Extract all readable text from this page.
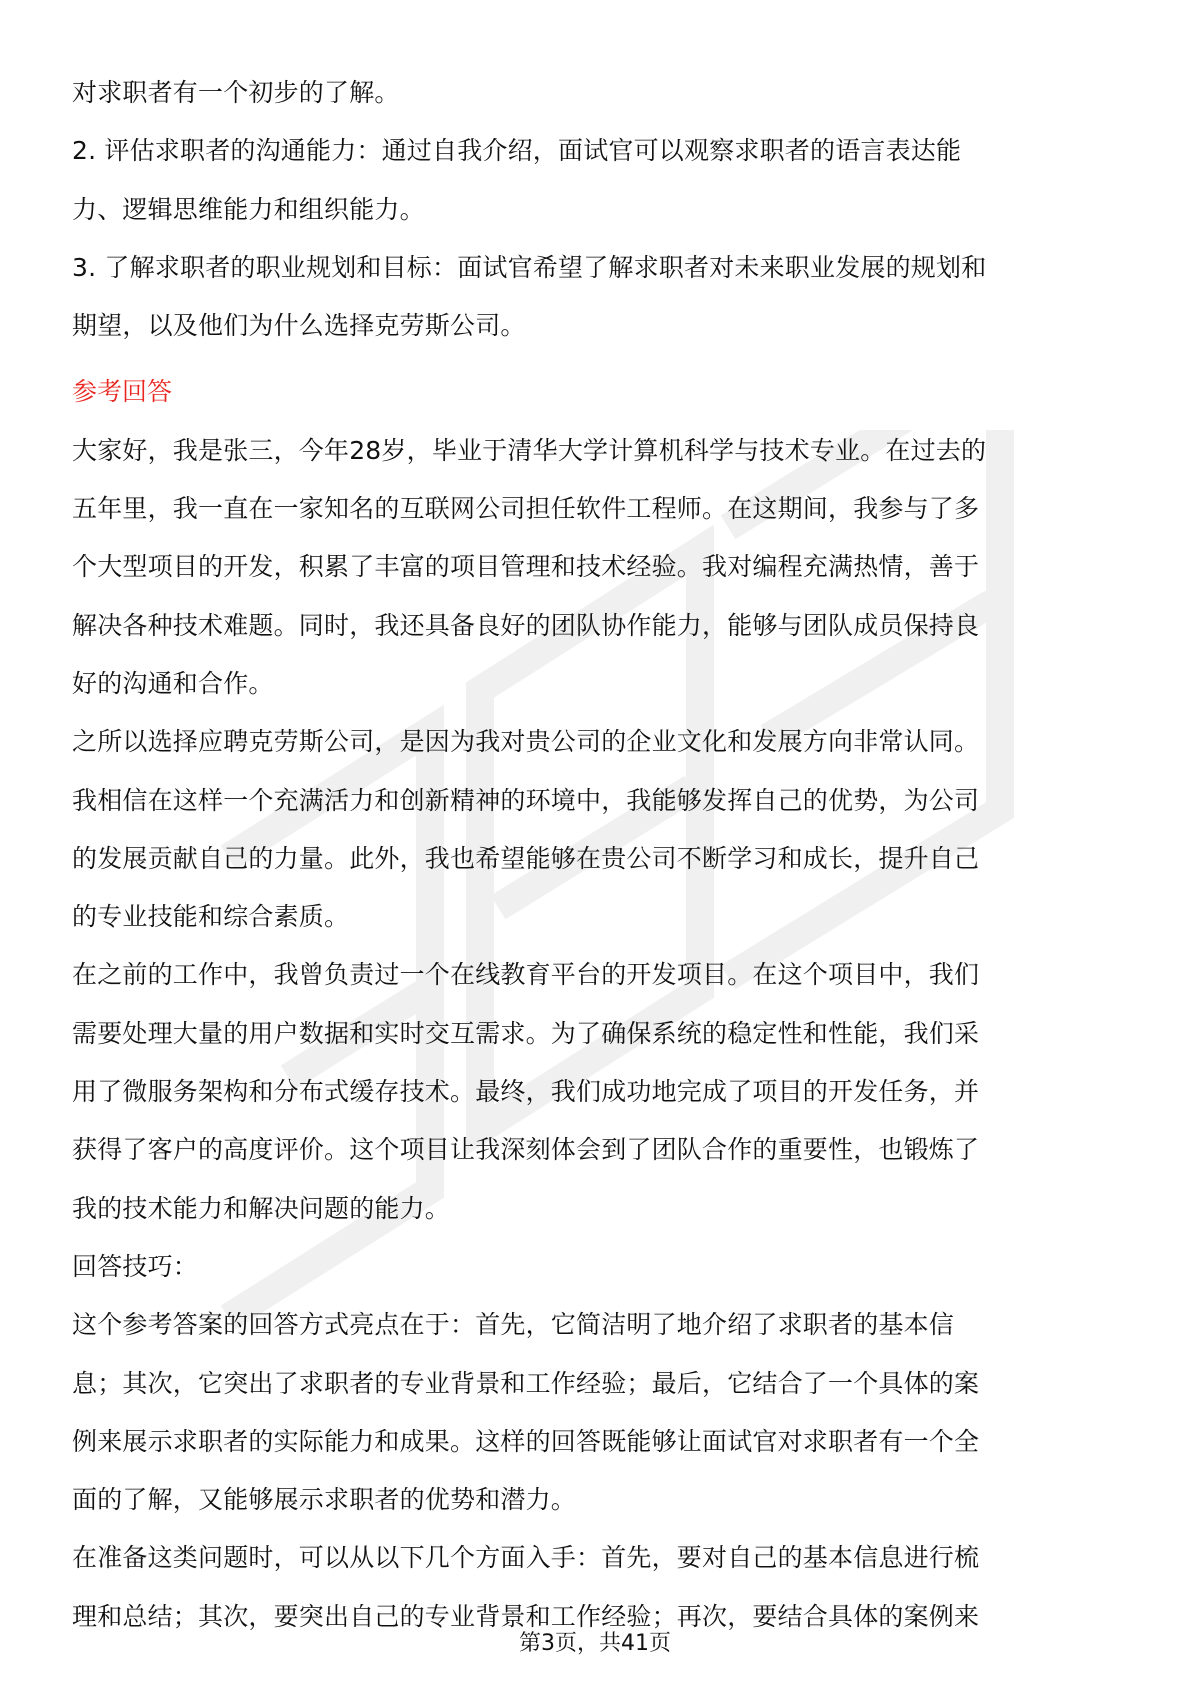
对求职者有一个初步的了解。
2. 评估求职者的沟通能力：通过自我介绍，面试官可以观察求职者的语言表达能
力、逻辑思维能力和组织能力。
3. 了解求职者的职业规划和目标：面试官希望了解求职者对未来职业发展的规划和
期望，以及他们为什么选择克劳斯公司。
参考回答
大家好，我是张三，今年28岁，毕业于清华大学计算机科学与技术专业。在过去的
五年里，我一直在一家知名的互联网公司担任软件工程师。在这期间，我参与了多
个大型项目的开发，积累了丰富的项目管理和技术经验。我对编程充满热情，善于
解决各种技术难题。同时，我还具备良好的团队协作能力，能够与团队成员保持良
好的沟通和合作。
之所以选择应聘克劳斯公司，是因为我对贵公司的企业文化和发展方向非常认同。
我相信在这样一个充满活力和创新精神的环境中，我能够发挥自己的优势，为公司
的发展贡献自己的力量。此外，我也希望能够在贵公司不断学习和成长，提升自己
的专业技能和综合素质。
在之前的工作中，我曾负责过一个在线教育平台的开发项目。在这个项目中，我们
需要处理大量的用户数据和实时交互需求。为了确保系统的稳定性和性能，我们采
用了微服务架构和分布式缓存技术。最终，我们成功地完成了项目的开发任务，并
获得了客户的高度评价。这个项目让我深刻体会到了团队合作的重要性，也锻炼了
我的技术能力和解决问题的能力。
回答技巧：
这个参考答案的回答方式亮点在于：首先，它简洁明了地介绍了求职者的基本信
息；其次，它突出了求职者的专业背景和工作经验；最后，它结合了一个具体的案
例来展示求职者的实际能力和成果。这样的回答既能够让面试官对求职者有一个全
面的了解，又能够展示求职者的优势和潜力。
在准备这类问题时，可以从以下几个方面入手：首先，要对自己的基本信息进行梳
理和总结；其次，要突出自己的专业背景和工作经验；再次，要结合具体的案例来
第3页，共41页
